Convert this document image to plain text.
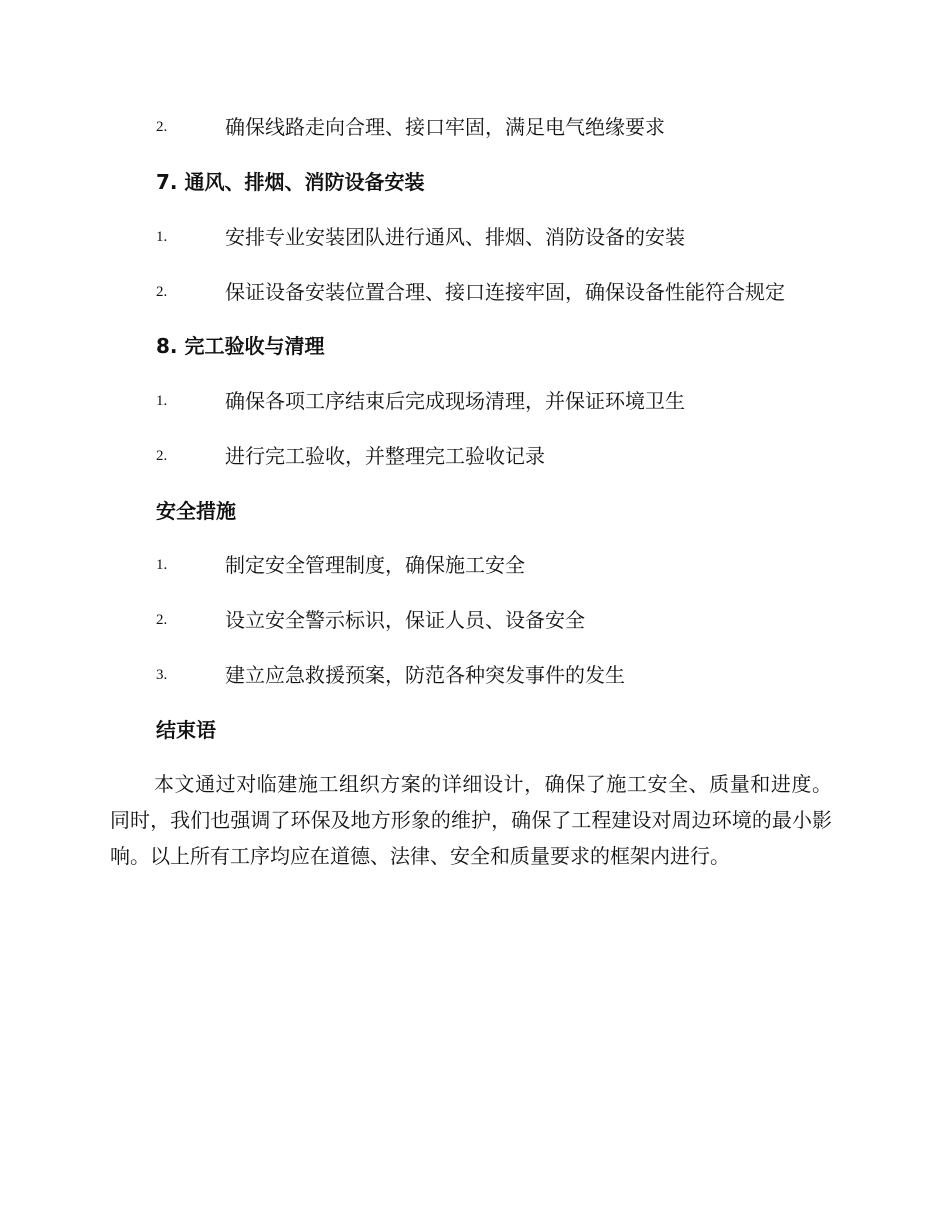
2.	确保线路走向合理、接口牢固，满足电气绝缘要求
7. 通风、排烟、消防设备安装
1.	安排专业安装团队进行通风、排烟、消防设备的安装
2.	保证设备安装位置合理、接口连接牢固，确保设备性能符合规定
8. 完工验收与清理
1.	确保各项工序结束后完成现场清理，并保证环境卫生
2.	进行完工验收，并整理完工验收记录
安全措施
1.	制定安全管理制度，确保施工安全
2.	设立安全警示标识，保证人员、设备安全
3.	建立应急救援预案，防范各种突发事件的发生
结束语

本文通过对临建施工组织方案的详细设计，确保了施工安全、质量和进度。同时，我们也强调了环保及地方形象的维护，确保了工程建设对周边环境的最小影响。以上所有工序均应在道德、法律、安全和质量要求的框架内进行。
